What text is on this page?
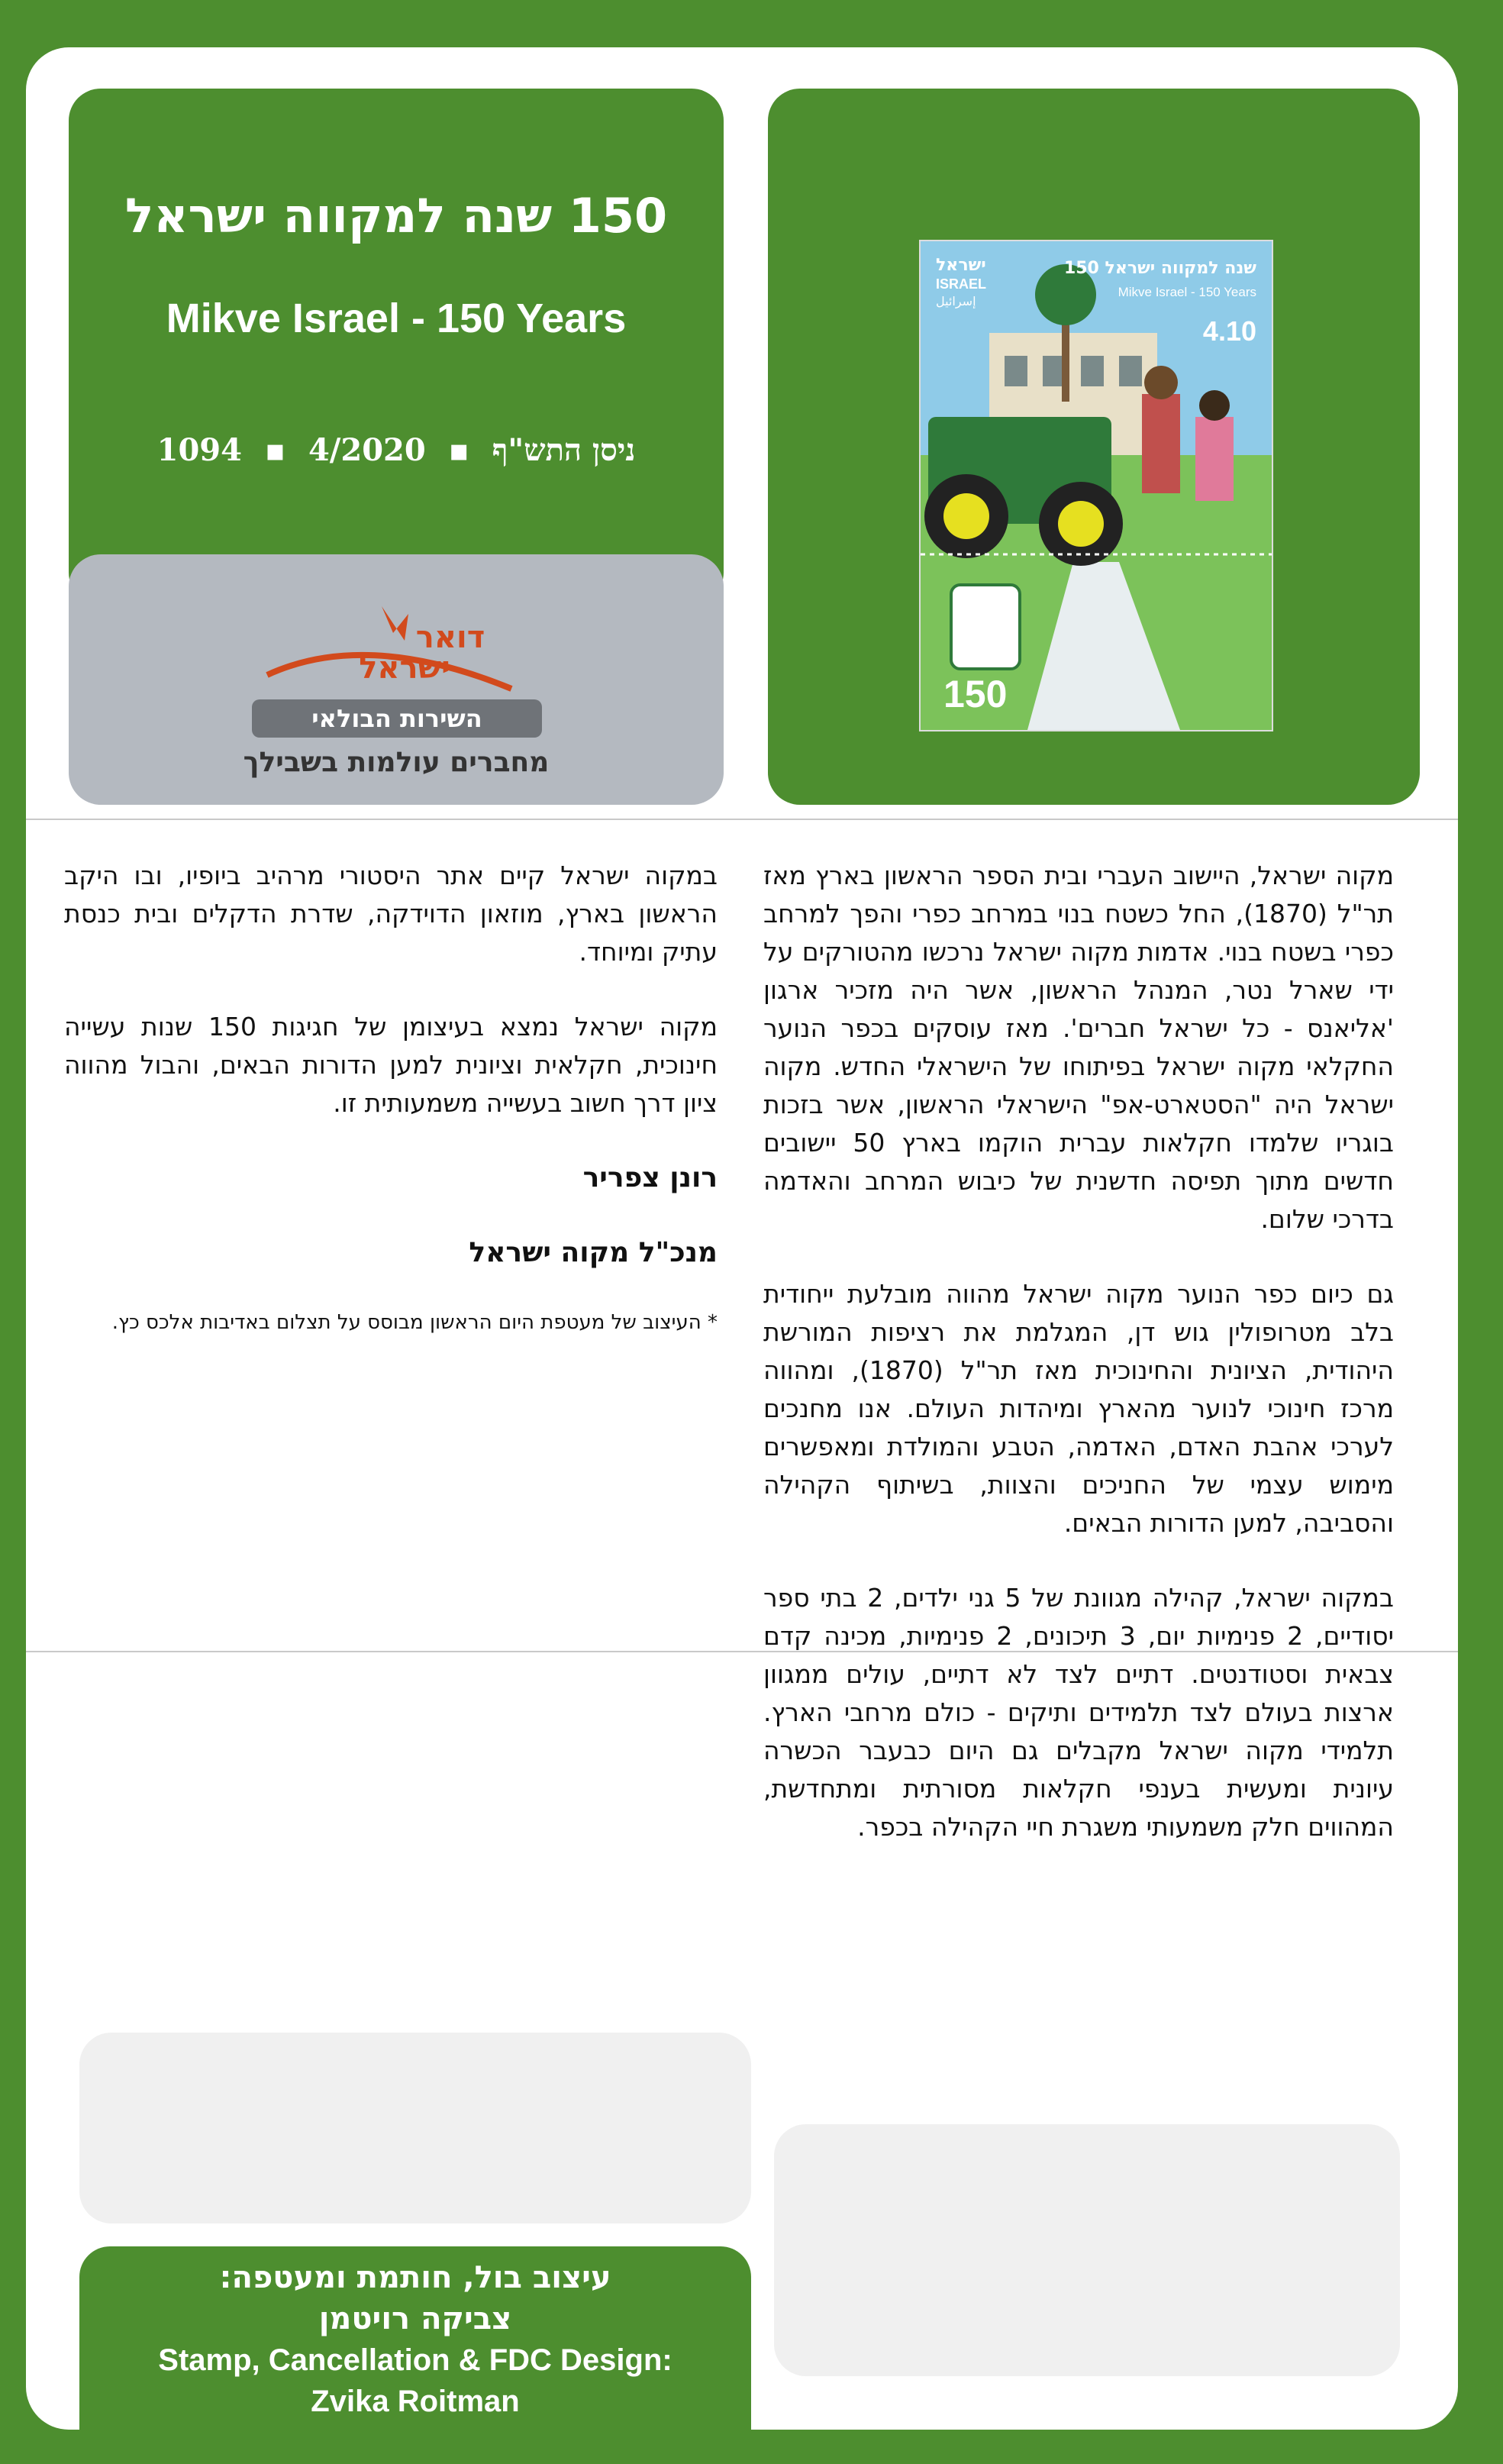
150 שנה למקווה ישראל
Mikve Israel - 150 Years
ניסן התש"ף ▪ 4/2020 ▪ 1094
דואר
ישראל
השירות הבולאי
מחברים עולמות בשבילך
150 שנה למקווה ישראל
Mikve Israel - 150 Years
ישראל
ISRAEL
إسرائيل
4.10
150

מקוה ישראל, היישוב העברי ובית הספר הראשון בארץ מאז תר"ל (1870), החל כשטח בנוי במרחב כפרי והפך למרחב כפרי בשטח בנוי. אדמות מקוה ישראל נרכשו מהטורקים על ידי שארל נטר, המנהל הראשון, אשר היה מזכיר ארגון 'אליאנס - כל ישראל חברים'. מאז עוסקים בכפר הנוער החקלאי מקוה ישראל בפיתוחו של הישראלי החדש. מקוה ישראל היה "הסטארט-אפ" הישראלי הראשון, אשר בזכות בוגריו שלמדו חקלאות עברית הוקמו בארץ 50 יישובים חדשים מתוך תפיסה חדשנית של כיבוש המרחב והאדמה בדרכי שלום.

גם כיום כפר הנוער מקוה ישראל מהווה מובלעת ייחודית בלב מטרופולין גוש דן, המגלמת את רציפות המורשת היהודית, הציונית והחינוכית מאז תר"ל (1870), ומהווה מרכז חינוכי לנוער מהארץ ומיהדות העולם. אנו מחנכים לערכי אהבת האדם, האדמה, הטבע והמולדת ומאפשרים מימוש עצמי של החניכים והצוות, בשיתוף הקהילה והסביבה, למען הדורות הבאים.

במקוה ישראל, קהילה מגוונת של 5 גני ילדים, 2 בתי ספר יסודיים, 2 פנימיות יום, 3 תיכונים, 2 פנימיות, מכינה קדם צבאית וסטודנטים. דתיים לצד לא דתיים, עולים ממגוון ארצות בעולם לצד תלמידים ותיקים - כולם מרחבי הארץ. תלמידי מקוה ישראל מקבלים גם היום כבעבר הכשרה עיונית ומעשית בענפי חקלאות מסורתית ומתחדשת, המהווים חלק משמעותי משגרת חיי הקהילה בכפר.

במקוה ישראל קיים אתר היסטורי מרהיב ביופיו, ובו היקב הראשון בארץ, מוזאון הדוידקה, שדרת הדקלים ובית כנסת עתיק ומיוחד.

מקוה ישראל נמצא בעיצומן של חגיגות 150 שנות עשייה חינוכית, חקלאית וציונית למען הדורות הבאים, והבול מהווה ציון דרך חשוב בעשייה משמעותית זו.

רונן צפריר

מנכ"ל מקוה ישראל

* העיצוב של מעטפת היום הראשון מבוסס על תצלום באדיבות אלכס כץ.

עיצוב בול, חותמת ומעטפה:
צביקה רויטמן
Stamp, Cancellation & FDC Design:
Zvika Roitman
